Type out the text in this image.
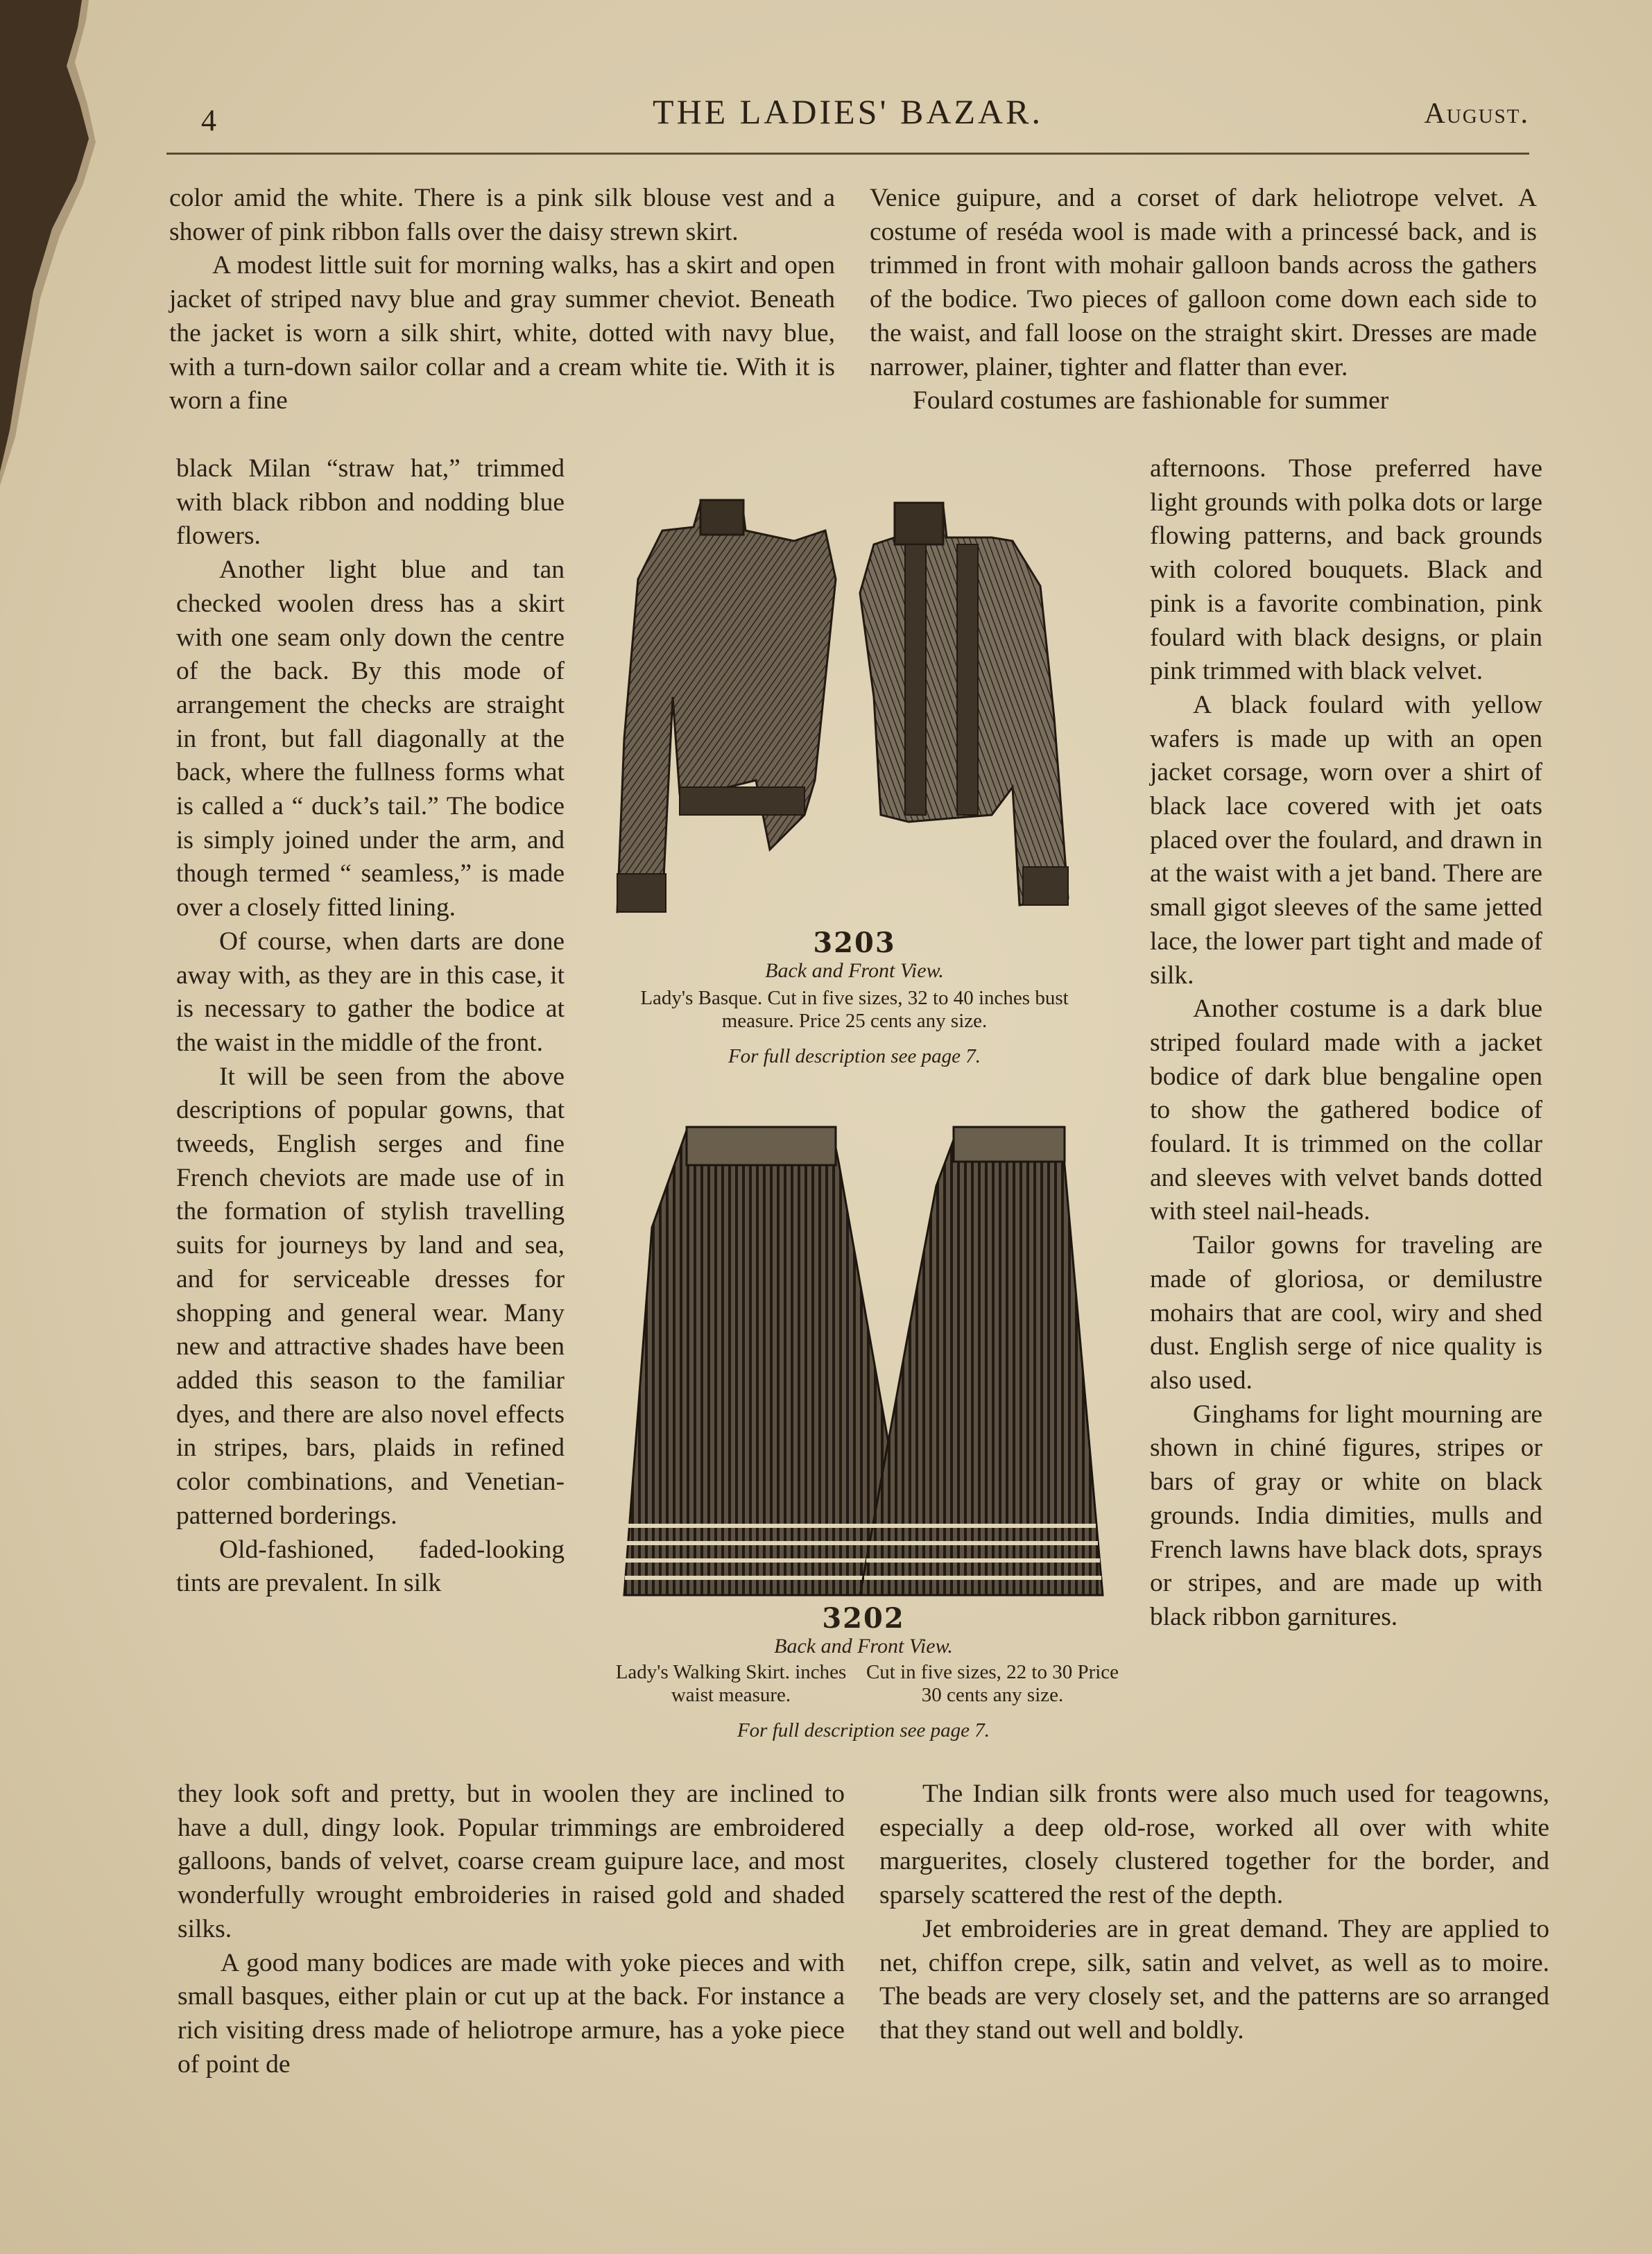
4	THE LADIES' BAZAR.	August.

color amid the white. There is a pink silk blouse vest and a shower of pink ribbon falls over the daisy strewn skirt.

A modest little suit for morning walks, has a skirt and open jacket of striped navy blue and gray summer cheviot. Beneath the jacket is worn a silk shirt, white, dotted with navy blue, with a turn-down sailor collar and a cream white tie. With it is worn a fine

black Milan “straw hat,” trimmed with black ribbon and nodding blue flowers.

Another light blue and tan checked woolen dress has a skirt with one seam only down the centre of the back. By this mode of arrangement the checks are straight in front, but fall diagonally at the back, where the fullness forms what is called a “ duck’s tail.” The bodice is simply joined under the arm, and though termed “ seamless,” is made over a closely fitted lining.

Of course, when darts are done away with, as they are in this case, it is necessary to gather the bodice at the waist in the middle of the front.

It will be seen from the above descriptions of popular gowns, that tweeds, English serges and fine French cheviots are made use of in the formation of stylish travelling suits for journeys by land and sea, and for serviceable dresses for shopping and general wear. Many new and attractive shades have been added this season to the familiar dyes, and there are also novel effects in stripes, bars, plaids in refined color combinations, and Venetian-patterned borderings.

Old-fashioned, faded-looking tints are prevalent. In silk

they look soft and pretty, but in woolen they are inclined to have a dull, dingy look. Popular trimmings are embroidered galloons, bands of velvet, coarse cream guipure lace, and most wonderfully wrought embroideries in raised gold and shaded silks.

A good many bodices are made with yoke pieces and with small basques, either plain or cut up at the back. For instance a rich visiting dress made of heliotrope armure, has a yoke piece of point de

Venice guipure, and a corset of dark heliotrope velvet. A costume of reséda wool is made with a princessé back, and is trimmed in front with mohair galloon bands across the gathers of the bodice. Two pieces of galloon come down each side to the waist, and fall loose on the straight skirt. Dresses are made narrower, plainer, tighter and flatter than ever.

Foulard costumes are fashionable for summer

afternoons. Those preferred have light grounds with polka dots or large flowing patterns, and back grounds with colored bouquets. Black and pink is a favorite combination, pink foulard with black designs, or plain pink trimmed with black velvet.

A black foulard with yellow wafers is made up with an open jacket corsage, worn over a shirt of black lace covered with jet oats placed over the foulard, and drawn in at the waist with a jet band. There are small gigot sleeves of the same jetted lace, the lower part tight and made of silk.

Another costume is a dark blue striped foulard made with a jacket bodice of dark blue bengaline open to show the gathered bodice of foulard. It is trimmed on the collar and sleeves with velvet bands dotted with steel nail-heads.

Tailor gowns for traveling are made of gloriosa, or demilustre mohairs that are cool, wiry and shed dust. English serge of nice quality is also used.

Ginghams for light mourning are shown in chiné figures, stripes or bars of gray or white on black grounds. India dimities, mulls and French lawns have black dots, sprays or stripes, and are made up with black ribbon garnitures.

The Indian silk fronts were also much used for teagowns, especially a deep old-rose, worked all over with white marguerites, closely clustered together for the border, and sparsely scattered the rest of the depth.

Jet embroideries are in great demand. They are applied to net, chiffon crepe, silk, satin and velvet, as well as to moire. The beads are very closely set, and the patterns are so arranged that they stand out well and boldly.

3203
Back and Front View.
Lady's Basque. Cut in five sizes, 32 to 40 inches bust measure. Price 25 cents any size.
For full description see page 7.
3202
Back and Front View.
Lady's Walking Skirt. inches waist measure.
Cut in five sizes, 22 to 30 Price 30 cents any size.
For full description see page 7.
